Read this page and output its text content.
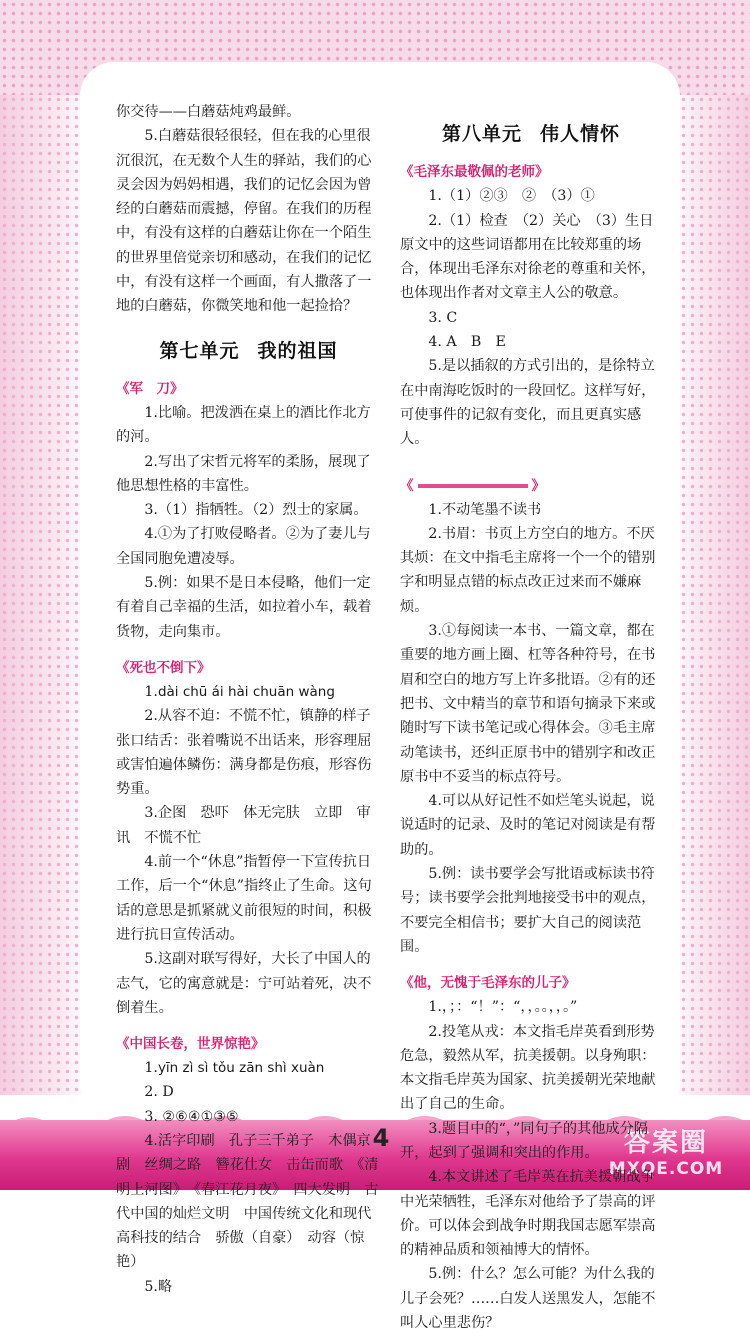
4	答案圈
MXQE.COM

你交待——白蘑菇炖鸡最鲜。

5.白蘑菇很轻很轻，但在我的心里很沉很沉，在无数个人生的驿站，我们的心灵会因为妈妈相遇，我们的记忆会因为曾经的白蘑菇而震撼，停留。在我们的历程中，有没有这样的白蘑菇让你在一个陌生的世界里倍觉亲切和感动，在我们的记忆中，有没有这样一个画面，有人撒落了一地的白蘑菇，你微笑地和他一起捡拾？

第七单元 我的祖国
《军　刀》

1.比喻。把泼洒在桌上的酒比作北方的河。

2.写出了宋哲元将军的柔肠，展现了他思想性格的丰富性。

3.（1）指牺牲。（2）烈士的家属。

4.①为了打败侵略者。②为了妻儿与全国同胞免遭凌辱。

5.例：如果不是日本侵略，他们一定有着自己幸福的生活，如拉着小车，载着货物，走向集市。

《死也不倒下》

1.dài chū ái hài chuān wàng

2.从容不迫：不慌不忙，镇静的样子　张口结舌：张着嘴说不出话来，形容理屈或害怕遍体鳞伤：满身都是伤痕，形容伤势重。

3.企图　恐吓　体无完肤　立即　审讯　不慌不忙

4.前一个“休息”指暂停一下宣传抗日工作，后一个“休息”指终止了生命。这句话的意思是抓紧就义前很短的时间，积极进行抗日宣传活动。

5.这副对联写得好，大长了中国人的志气，它的寓意就是：宁可站着死，决不倒着生。

《中国长卷，世界惊艳》

1.yīn zì sì tǒu zān shì xuàn

2. D

3. ②⑥④①③⑤

4.活字印刷　孔子三千弟子　木偶京剧　丝绸之路　簪花仕女　击缶而歌　《清明上河图》　《春江花月夜》　四大发明　古代中国的灿烂文明　中国传统文化和现代高科技的结合　骄傲（自豪）　动容（惊艳）

5.略

第八单元 伟人情怀
《毛泽东最敬佩的老师》

1.（1）②③　②　（3）①

2.（1）检查　（2）关心　（3）生日　原文中的这些词语都用在比较郑重的场合，体现出毛泽东对徐老的尊重和关怀，也体现出作者对文章主人公的敬意。

3. C

4. A　B　E

5.是以插叙的方式引出的，是徐特立在中南海吃饭时的一段回忆。这样写好，可使事件的记叙有变化，而且更真实感人。

《	》

1.不动笔墨不读书

2.书眉：书页上方空白的地方。不厌其烦：在文中指毛主席将一个一个的错别字和明显点错的标点改正过来而不嫌麻烦。

3.①每阅读一本书、一篇文章，都在重要的地方画上圈、杠等各种符号，在书眉和空白的地方写上许多批语。②有的还把书、文中精当的章节和语句摘录下来或随时写下读书笔记或心得体会。③毛主席动笔读书，还纠正原书中的错别字和改正原书中不妥当的标点符号。

4.可以从好记性不如烂笔头说起，说说适时的记录、及时的笔记对阅读是有帮助的。

5.例：读书要学会写批语或标读书符号；读书要学会批判地接受书中的观点，不要完全相信书；要扩大自己的阅读范围。

《他，无愧于毛泽东的儿子》

1.，；：“！”：“，，。。，，。”

2.投笔从戎：本文指毛岸英看到形势危急，毅然从军，抗美援朝。以身殉职：本文指毛岸英为国家、抗美援朝光荣地献出了自己的生命。

3.题目中的“，”同句子的其他成分隔开，起到了强调和突出的作用。

4.本文讲述了毛岸英在抗美援朝战争中光荣牺牲，毛泽东对他给予了崇高的评价。可以体会到战争时期我国志愿军崇高的精神品质和领袖博大的情怀。

5.例：什么？怎么可能？为什么我的儿子会死？……白发人送黑发人，怎能不叫人心里悲伤？
